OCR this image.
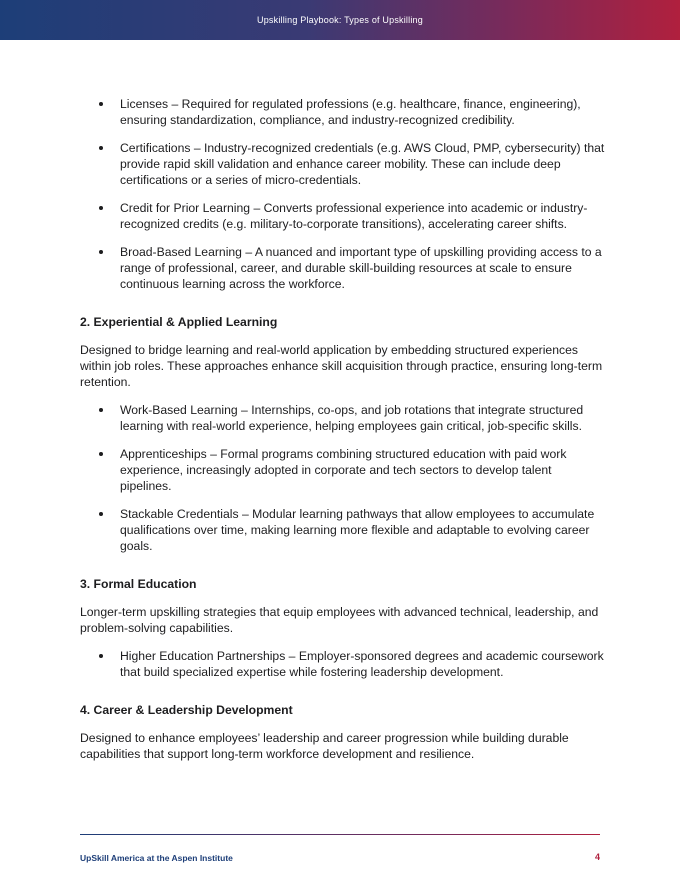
Upskilling Playbook: Types of Upskilling
Licenses – Required for regulated professions (e.g. healthcare, finance, engineering), ensuring standardization, compliance, and industry-recognized credibility.
Certifications – Industry-recognized credentials (e.g. AWS Cloud, PMP, cybersecurity) that provide rapid skill validation and enhance career mobility. These can include deep certifications or a series of micro-credentials.
Credit for Prior Learning – Converts professional experience into academic or industry-recognized credits (e.g. military-to-corporate transitions), accelerating career shifts.
Broad-Based Learning – A nuanced and important type of upskilling providing access to a range of professional, career, and durable skill-building resources at scale to ensure continuous learning across the workforce.
2. Experiential & Applied Learning

Designed to bridge learning and real-world application by embedding structured experiences within job roles. These approaches enhance skill acquisition through practice, ensuring long-term retention.

Work-Based Learning – Internships, co-ops, and job rotations that integrate structured learning with real-world experience, helping employees gain critical, job-specific skills.
Apprenticeships – Formal programs combining structured education with paid work experience, increasingly adopted in corporate and tech sectors to develop talent pipelines.
Stackable Credentials – Modular learning pathways that allow employees to accumulate qualifications over time, making learning more flexible and adaptable to evolving career goals.
3. Formal Education

Longer-term upskilling strategies that equip employees with advanced technical, leadership, and problem-solving capabilities.

Higher Education Partnerships – Employer-sponsored degrees and academic coursework that build specialized expertise while fostering leadership development.
4. Career & Leadership Development

Designed to enhance employees’ leadership and career progression while building durable capabilities that support long-term workforce development and resilience.

UpSkill America at the Aspen Institute	4
